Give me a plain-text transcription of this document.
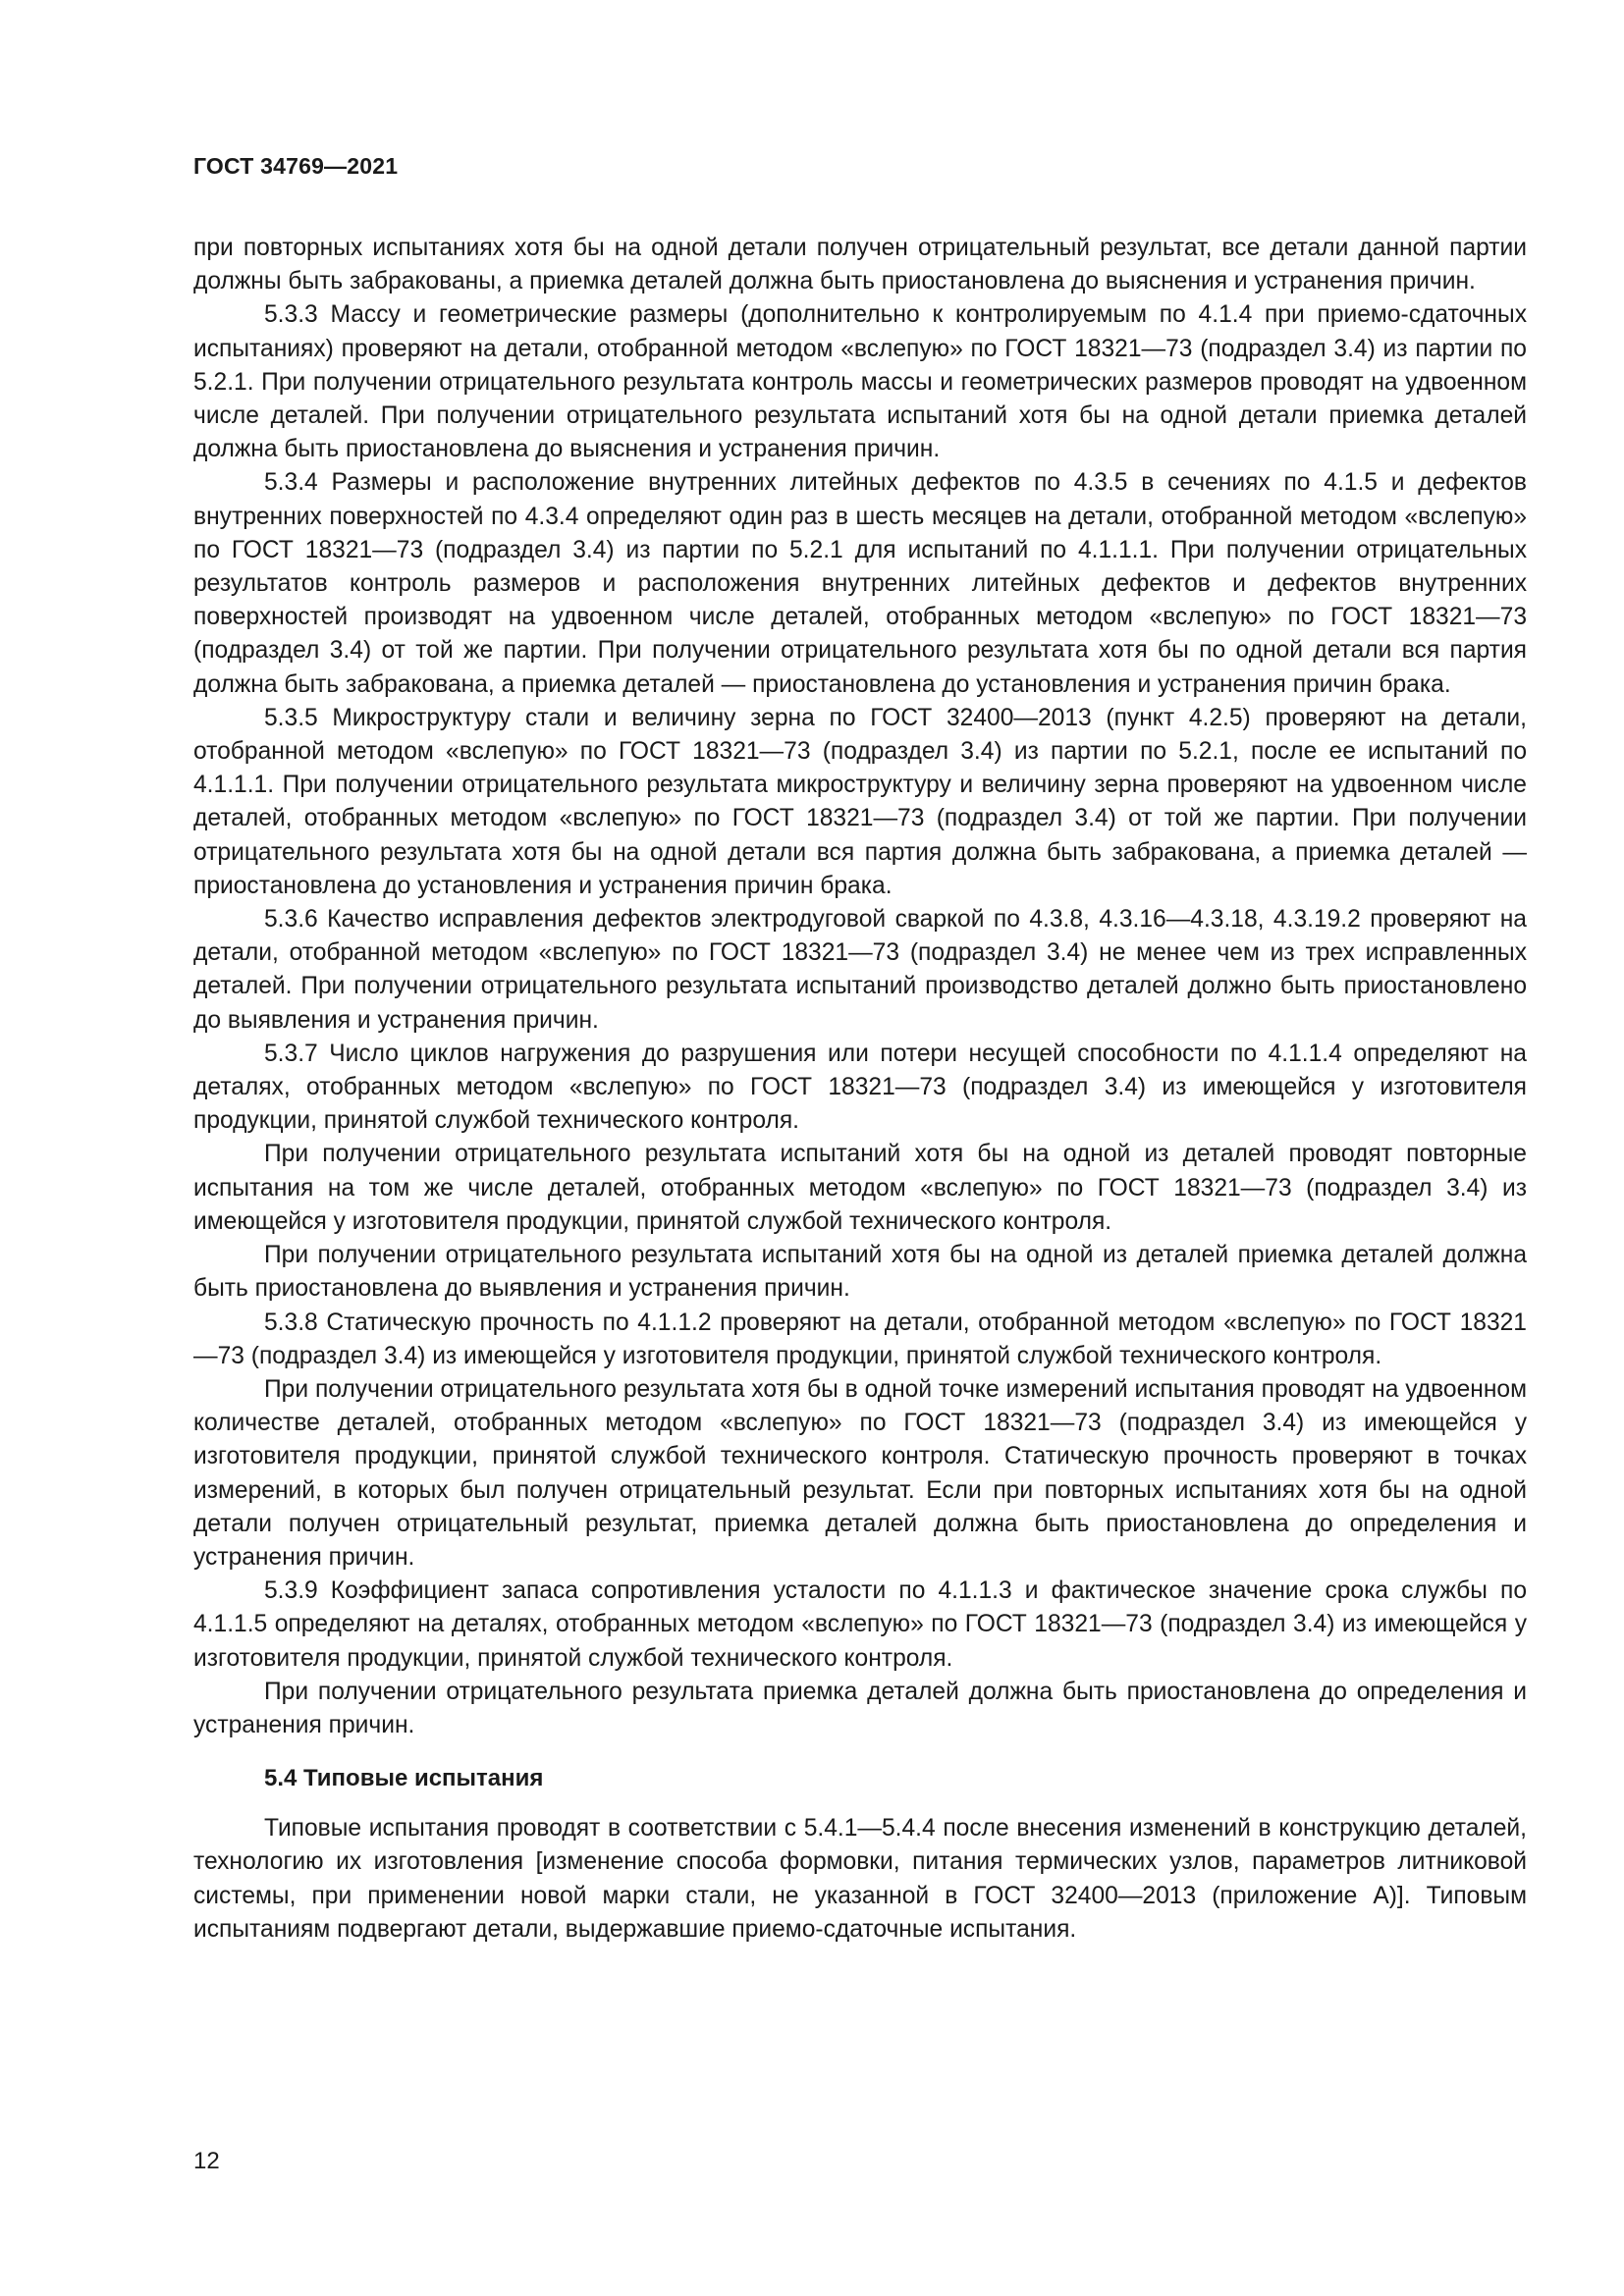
ГОСТ 34769—2021

при повторных испытаниях хотя бы на одной детали получен отрицательный результат, все детали данной партии должны быть забракованы, а приемка деталей должна быть приостановлена до выяснения и устранения причин.

5.3.3 Массу и геометрические размеры (дополнительно к контролируемым по 4.1.4 при приемо-сдаточных испытаниях) проверяют на детали, отобранной методом «вслепую» по ГОСТ 18321—73 (подраздел 3.4) из партии по 5.2.1. При получении отрицательного результата контроль массы и геометрических размеров проводят на удвоенном числе деталей. При получении отрицательного результата испытаний хотя бы на одной детали приемка деталей должна быть приостановлена до выяснения и устранения причин.

5.3.4 Размеры и расположение внутренних литейных дефектов по 4.3.5 в сечениях по 4.1.5 и дефектов внутренних поверхностей по 4.3.4 определяют один раз в шесть месяцев на детали, отобранной методом «вслепую» по ГОСТ 18321—73 (подраздел 3.4) из партии по 5.2.1 для испытаний по 4.1.1.1. При получении отрицательных результатов контроль размеров и расположения внутренних литейных дефектов и дефектов внутренних поверхностей производят на удвоенном числе деталей, отобранных методом «вслепую» по ГОСТ 18321—73 (подраздел 3.4) от той же партии. При получении отрицательного результата хотя бы по одной детали вся партия должна быть забракована, а приемка деталей — приостановлена до установления и устранения причин брака.

5.3.5 Микроструктуру стали и величину зерна по ГОСТ 32400—2013 (пункт 4.2.5) проверяют на детали, отобранной методом «вслепую» по ГОСТ 18321—73 (подраздел 3.4) из партии по 5.2.1, после ее испытаний по 4.1.1.1. При получении отрицательного результата микроструктуру и величину зерна проверяют на удвоенном числе деталей, отобранных методом «вслепую» по ГОСТ 18321—73 (подраздел 3.4) от той же партии. При получении отрицательного результата хотя бы на одной детали вся партия должна быть забракована, а приемка деталей — приостановлена до установления и устранения причин брака.

5.3.6 Качество исправления дефектов электродуговой сваркой по 4.3.8, 4.3.16—4.3.18, 4.3.19.2 проверяют на детали, отобранной методом «вслепую» по ГОСТ 18321—73 (подраздел 3.4) не менее чем из трех исправленных деталей. При получении отрицательного результата испытаний производство деталей должно быть приостановлено до выявления и устранения причин.

5.3.7 Число циклов нагружения до разрушения или потери несущей способности по 4.1.1.4 определяют на деталях, отобранных методом «вслепую» по ГОСТ 18321—73 (подраздел 3.4) из имеющейся у изготовителя продукции, принятой службой технического контроля.

При получении отрицательного результата испытаний хотя бы на одной из деталей проводят повторные испытания на том же числе деталей, отобранных методом «вслепую» по ГОСТ 18321—73 (подраздел 3.4) из имеющейся у изготовителя продукции, принятой службой технического контроля.

При получении отрицательного результата испытаний хотя бы на одной из деталей приемка деталей должна быть приостановлена до выявления и устранения причин.

5.3.8 Статическую прочность по 4.1.1.2 проверяют на детали, отобранной методом «вслепую» по ГОСТ 18321—73 (подраздел 3.4) из имеющейся у изготовителя продукции, принятой службой технического контроля.

При получении отрицательного результата хотя бы в одной точке измерений испытания проводят на удвоенном количестве деталей, отобранных методом «вслепую» по ГОСТ 18321—73 (подраздел 3.4) из имеющейся у изготовителя продукции, принятой службой технического контроля. Статическую прочность проверяют в точках измерений, в которых был получен отрицательный результат. Если при повторных испытаниях хотя бы на одной детали получен отрицательный результат, приемка деталей должна быть приостановлена до определения и устранения причин.

5.3.9 Коэффициент запаса сопротивления усталости по 4.1.1.3 и фактическое значение срока службы по 4.1.1.5 определяют на деталях, отобранных методом «вслепую» по ГОСТ 18321—73 (подраздел 3.4) из имеющейся у изготовителя продукции, принятой службой технического контроля.

При получении отрицательного результата приемка деталей должна быть приостановлена до определения и устранения причин.

5.4 Типовые испытания

Типовые испытания проводят в соответствии с 5.4.1—5.4.4 после внесения изменений в конструкцию деталей, технологию их изготовления [изменение способа формовки, питания термических узлов, параметров литниковой системы, при применении новой марки стали, не указанной в ГОСТ 32400—2013 (приложение А)]. Типовым испытаниям подвергают детали, выдержавшие приемо-сдаточные испытания.

12
